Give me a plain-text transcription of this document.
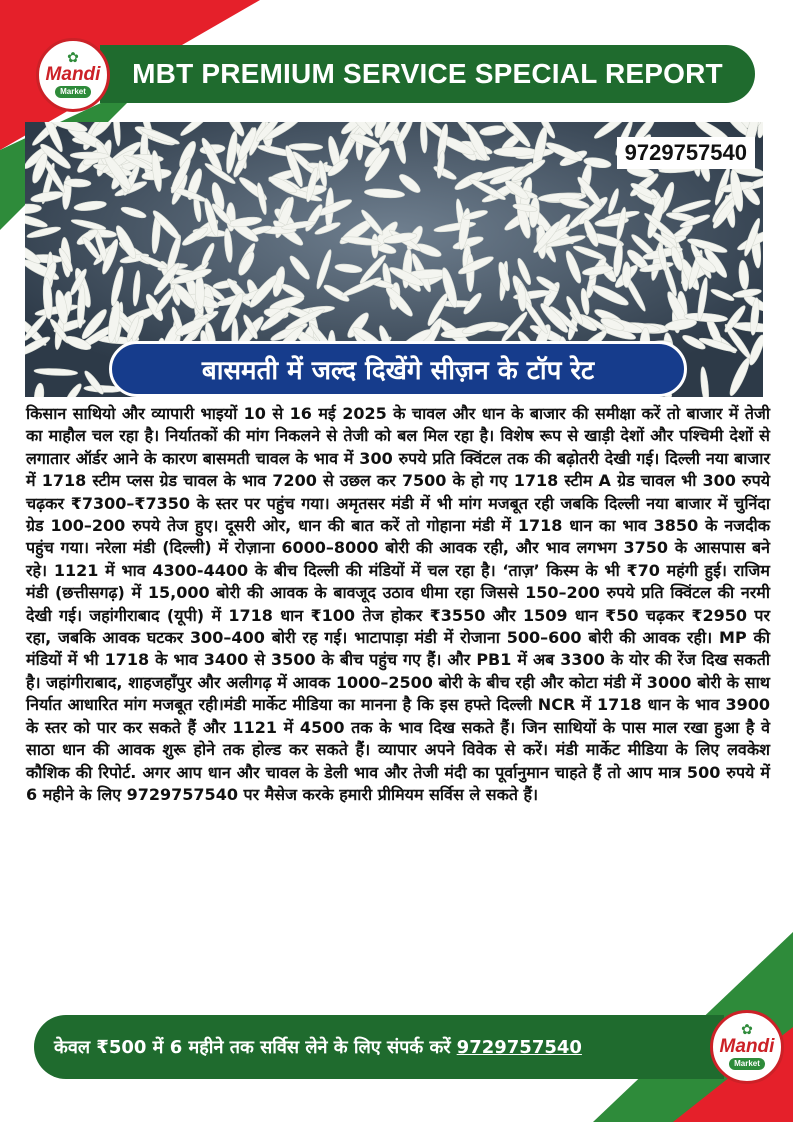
MBT PREMIUM SERVICE SPECIAL REPORT
✿
Mandi
Market
9729757540
बासमती में जल्द दिखेंगे सीज़न के टॉप रेट

किसान साथियो और व्यापारी भाइयों 10 से 16 मई 2025 के चावल और धान के बाजार की समीक्षा करें तो बाजार में तेजी का माहौल चल रहा है। निर्यातकों की मांग निकलने से तेजी को बल मिल रहा है। विशेष रूप से खाड़ी देशों और पश्चिमी देशों से लगातार ऑर्डर आने के कारण बासमती चावल के भाव में 300 रुपये प्रति क्विंटल तक की बढ़ोतरी देखी गई। दिल्ली नया बाजार में 1718 स्टीम प्लस ग्रेड चावल के भाव 7200 से उछल कर 7500 के हो गए 1718 स्टीम A ग्रेड चावल भी 300 रुपये चढ़कर ₹7300–₹7350 के स्तर पर पहुंच गया। अमृतसर मंडी में भी मांग मजबूत रही जबकि दिल्ली नया बाजार में चुनिंदा ग्रेड 100–200 रुपये तेज हुए। दूसरी ओर, धान की बात करें तो गोहाना मंडी में 1718 धान का भाव 3850 के नजदीक पहुंच गया। नरेला मंडी (दिल्ली) में रोज़ाना 6000–8000 बोरी की आवक रही, और भाव लगभग 3750 के आसपास बने रहे। 1121 में भाव 4300-4400 के बीच दिल्ली की मंडियों में चल रहा है। ‘ताज़’ किस्म के भी ₹70 महंगी हुई। राजिम मंडी (छत्तीसगढ़) में 15,000 बोरी की आवक के बावजूद उठाव धीमा रहा जिससे 150–200 रुपये प्रति क्विंटल की नरमी देखी गई। जहांगीराबाद (यूपी) में 1718 धान ₹100 तेज होकर ₹3550 और 1509 धान ₹50 चढ़कर ₹2950 पर रहा, जबकि आवक घटकर 300–400 बोरी रह गई। भाटापाड़ा मंडी में रोजाना 500–600 बोरी की आवक रही। MP की मंडियों में भी 1718 के भाव 3400 से 3500 के बीच पहुंच गए हैं। और PB1 में अब 3300 के योर की रेंज दिख सकती है। जहांगीराबाद, शाहजहाँपुर और अलीगढ़ में आवक 1000–2500 बोरी के बीच रही और कोटा मंडी में 3000 बोरी के साथ निर्यात आधारित मांग मजबूत रही।मंडी मार्केट मीडिया का मानना है कि इस हफ्ते दिल्ली NCR में 1718 धान के भाव 3900 के स्तर को पार कर सकते हैं और 1121 में 4500 तक के भाव दिख सकते हैं। जिन साथियों के पास माल रखा हुआ है वे साठा धान की आवक शुरू होने तक होल्ड कर सकते हैं। व्यापार अपने विवेक से करें। मंडी मार्केट मीडिया के लिए लवकेश कौशिक की रिपोर्ट. अगर आप धान और चावल के डेली भाव और तेजी मंदी का पूर्वानुमान चाहते हैं तो आप मात्र 500 रुपये में 6 महीने के लिए 9729757540 पर मैसेज करके हमारी प्रीमियम सर्विस ले सकते हैं।

केवल ₹500 में 6 महीने तक सर्विस लेने के लिए संपर्क करें 9729757540
✿
Mandi
Market
